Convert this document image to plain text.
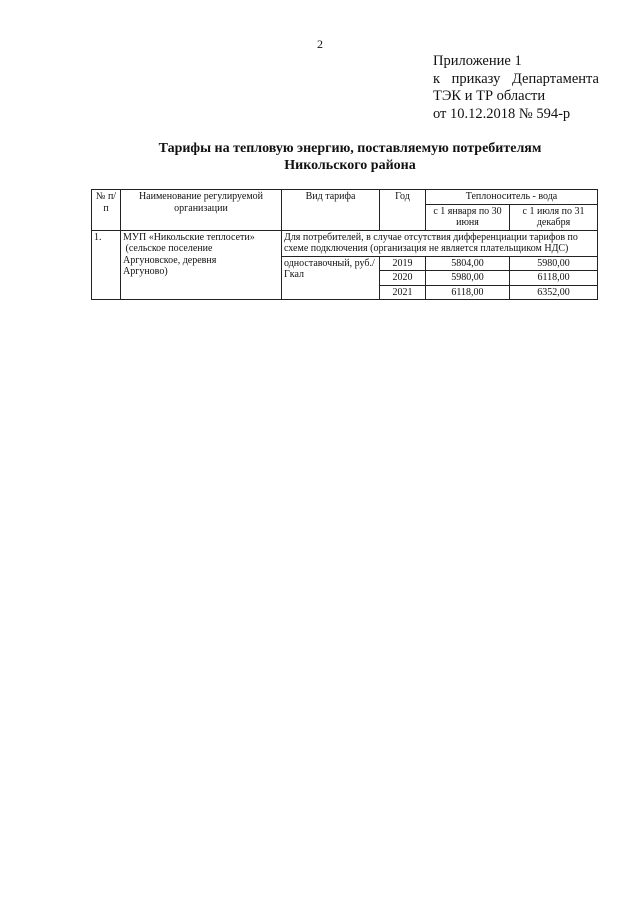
2
Приложение 1
к приказу Департамента
ТЭК и ТР области
от 10.12.2018 № 594-р
Тарифы на тепловую энергию, поставляемую потребителям
Никольского района
№ п/п	Наименование регулируемой организации	Вид тарифа	Год	Теплоноситель - вода	
				с 1 января по 30 июня	с 1 июля по 31 декабря
1.	МУП «Никольские теплосети»
(сельское поселение
Аргуновское, деревня
Аргуново)	Для потребителей, в случае отсутствия дифференциации тарифов по схеме подключения (организация не является плательщиком НДС)			
		одноставочный, руб./Гкал	2019	5804,00	5980,00
			2020	5980,00	6118,00
			2021	6118,00	6352,00
